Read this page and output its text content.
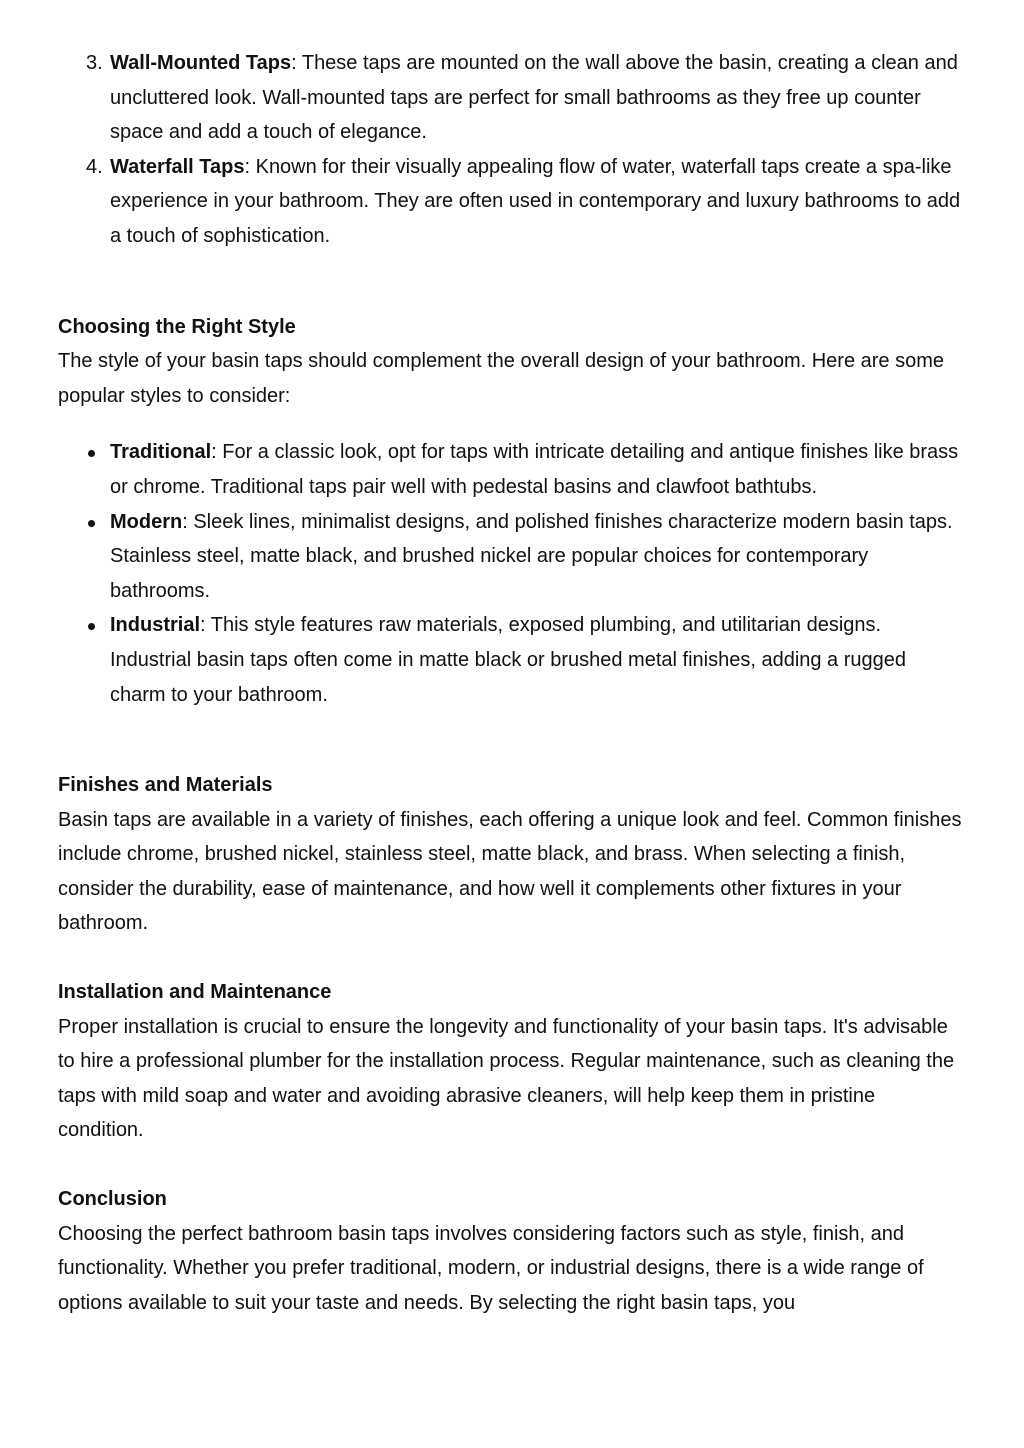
3. Wall-Mounted Taps: These taps are mounted on the wall above the basin, creating a clean and uncluttered look. Wall-mounted taps are perfect for small bathrooms as they free up counter space and add a touch of elegance.
4. Waterfall Taps: Known for their visually appealing flow of water, waterfall taps create a spa-like experience in your bathroom. They are often used in contemporary and luxury bathrooms to add a touch of sophistication.

Choosing the Right Style

The style of your basin taps should complement the overall design of your bathroom. Here are some popular styles to consider:

Traditional: For a classic look, opt for taps with intricate detailing and antique finishes like brass or chrome. Traditional taps pair well with pedestal basins and clawfoot bathtubs.
Modern: Sleek lines, minimalist designs, and polished finishes characterize modern basin taps. Stainless steel, matte black, and brushed nickel are popular choices for contemporary bathrooms.
Industrial: This style features raw materials, exposed plumbing, and utilitarian designs. Industrial basin taps often come in matte black or brushed metal finishes, adding a rugged charm to your bathroom.

Finishes and Materials

Basin taps are available in a variety of finishes, each offering a unique look and feel. Common finishes include chrome, brushed nickel, stainless steel, matte black, and brass. When selecting a finish, consider the durability, ease of maintenance, and how well it complements other fixtures in your bathroom.

Installation and Maintenance

Proper installation is crucial to ensure the longevity and functionality of your basin taps. It's advisable to hire a professional plumber for the installation process. Regular maintenance, such as cleaning the taps with mild soap and water and avoiding abrasive cleaners, will help keep them in pristine condition.

Conclusion

Choosing the perfect bathroom basin taps involves considering factors such as style, finish, and functionality. Whether you prefer traditional, modern, or industrial designs, there is a wide range of options available to suit your taste and needs. By selecting the right basin taps, you
